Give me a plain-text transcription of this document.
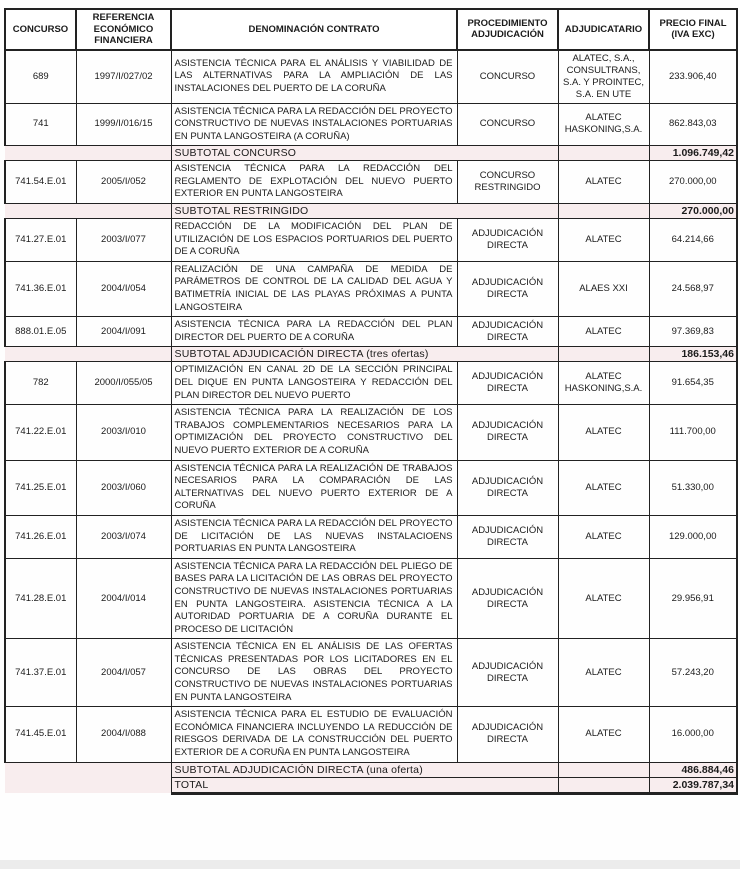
CONCURSO	REFERENCIA ECONÓMICO FINANCIERA	DENOMINACIÓN CONTRATO	PROCEDIMIENTO ADJUDICACIÓN	ADJUDICATARIO	PRECIO FINAL (IVA EXC)
689	1997/I/027/02	ASISTENCIA TÉCNICA PARA EL ANÁLISIS Y VIABILIDAD DE LAS ALTERNATIVAS PARA LA AMPLIACIÓN DE LAS INSTALACIONES DEL PUERTO DE LA CORUÑA	CONCURSO	ALATEC, S.A., CONSULTRANS, S.A. Y PROINTEC, S.A. EN UTE	233.906,40
741	1999/I/016/15	ASISTENCIA TÉCNICA PARA LA REDACCIÓN DEL PROYECTO CONSTRUCTIVO DE NUEVAS INSTALACIONES PORTUARIAS EN PUNTA LANGOSTEIRA (A CORUÑA)	CONCURSO	ALATEC HASKONING,S.A.	862.843,03
		SUBTOTAL CONCURSO			1.096.749,42
741.54.E.01	2005/I/052	ASISTENCIA TÉCNICA PARA LA REDACCIÓN DEL REGLAMENTO DE EXPLOTACIÓN DEL NUEVO PUERTO EXTERIOR EN PUNTA LANGOSTEIRA	CONCURSO RESTRINGIDO	ALATEC	270.000,00
		SUBTOTAL RESTRINGIDO			270.000,00
741.27.E.01	2003/I/077	REDACCIÓN DE LA MODIFICACIÓN DEL PLAN DE UTILIZACIÓN DE LOS ESPACIOS PORTUARIOS DEL PUERTO DE A CORUÑA	ADJUDICACIÓN DIRECTA	ALATEC	64.214,66
741.36.E.01	2004/I/054	REALIZACIÓN DE UNA CAMPAÑA DE MEDIDA DE PARÁMETROS DE CONTROL DE LA CALIDAD DEL AGUA Y BATIMETRÍA INICIAL DE LAS PLAYAS PRÓXIMAS A PUNTA LANGOSTEIRA	ADJUDICACIÓN DIRECTA	ALAES XXI	24.568,97
888.01.E.05	2004/I/091	ASISTENCIA TÉCNICA PARA LA REDACCIÓN DEL PLAN DIRECTOR DEL PUERTO DE A CORUÑA	ADJUDICACIÓN DIRECTA	ALATEC	97.369,83
		SUBTOTAL ADJUDICACIÓN DIRECTA (tres ofertas)			186.153,46
782	2000/I/055/05	OPTIMIZACIÓN EN CANAL 2D DE LA SECCIÓN PRINCIPAL DEL DIQUE EN PUNTA LANGOSTEIRA Y REDACCIÓN DEL PLAN DIRECTOR DEL NUEVO PUERTO	ADJUDICACIÓN DIRECTA	ALATEC HASKONING,S.A.	91.654,35
741.22.E.01	2003/I/010	ASISTENCIA TÉCNICA PARA LA REALIZACIÓN DE LOS TRABAJOS COMPLEMENTARIOS NECESARIOS PARA LA OPTIMIZACIÓN DEL PROYECTO CONSTRUCTIVO DEL NUEVO PUERTO EXTERIOR DE A CORUÑA	ADJUDICACIÓN DIRECTA	ALATEC	111.700,00
741.25.E.01	2003/I/060	ASISTENCIA TÉCNICA PARA LA REALIZACIÓN DE TRABAJOS NECESARIOS PARA LA COMPARACIÓN DE LAS ALTERNATIVAS DEL NUEVO PUERTO EXTERIOR DE A CORUÑA	ADJUDICACIÓN DIRECTA	ALATEC	51.330,00
741.26.E.01	2003/I/074	ASISTENCIA TÉCNICA PARA LA REDACCIÓN DEL PROYECTO DE LICITACIÓN DE LAS NUEVAS INSTALACIOENS PORTUARIAS EN PUNTA LANGOSTEIRA	ADJUDICACIÓN DIRECTA	ALATEC	129.000,00
741.28.E.01	2004/I/014	ASISTENCIA TÉCNICA PARA LA REDACCIÓN DEL PLIEGO DE BASES PARA LA LICITACIÓN DE LAS OBRAS DEL PROYECTO CONSTRUCTIVO DE NUEVAS INSTALACIONES PORTUARIAS EN PUNTA LANGOSTEIRA. ASISTENCIA TÉCNICA A LA AUTORIDAD PORTUARIA DE A CORUÑA DURANTE EL PROCESO DE LICITACIÓN	ADJUDICACIÓN DIRECTA	ALATEC	29.956,91
741.37.E.01	2004/I/057	ASISTENCIA TÉCNICA EN EL ANÁLISIS DE LAS OFERTAS TÉCNICAS PRESENTADAS POR LOS LICITADORES EN EL CONCURSO DE LAS OBRAS DEL PROYECTO CONSTRUCTIVO DE NUEVAS INSTALACIONES PORTUARIAS EN PUNTA LANGOSTEIRA	ADJUDICACIÓN DIRECTA	ALATEC	57.243,20
741.45.E.01	2004/I/088	ASISTENCIA TÉCNICA PARA EL ESTUDIO DE EVALUACIÓN ECONÓMICA FINANCIERA INCLUYENDO LA REDUCCIÓN DE RIESGOS DERIVADA DE LA CONSTRUCCIÓN DEL PUERTO EXTERIOR DE A CORUÑA EN PUNTA LANGOSTEIRA	ADJUDICACIÓN DIRECTA	ALATEC	16.000,00
		SUBTOTAL ADJUDICACIÓN DIRECTA (una oferta)			486.884,46
		TOTAL			2.039.787,34
